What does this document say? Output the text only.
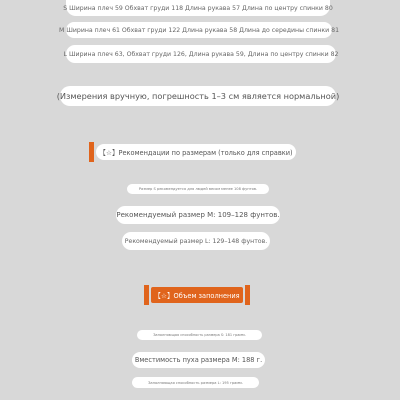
S Ширина плеч 59 Обхват груди 118 Длина рукава 57 Длина по центру спинки 80
M Ширина плеч 61 Обхват груди 122 Длина рукава 58 Длина до середины спинки 81
L Ширина плеч 63, Обхват груди 126, Длина рукава 59, Длина по центру спинки 82
(Измерения вручную, погрешность 1–3 см является нормальной)
【☆】Рекомендации по размерам (только для справки)
Размер S рекомендуется для людей весом менее 108 фунтов.
Рекомендуемый размер M: 109–128 фунтов.
Рекомендуемый размер L: 129–148 фунтов.
【☆】Объем заполнения
Заполняющая способность размера S: 181 грамм.
Вместимость пуха размера M: 188 г.
Заполняющая способность размера L: 195 грамм.
